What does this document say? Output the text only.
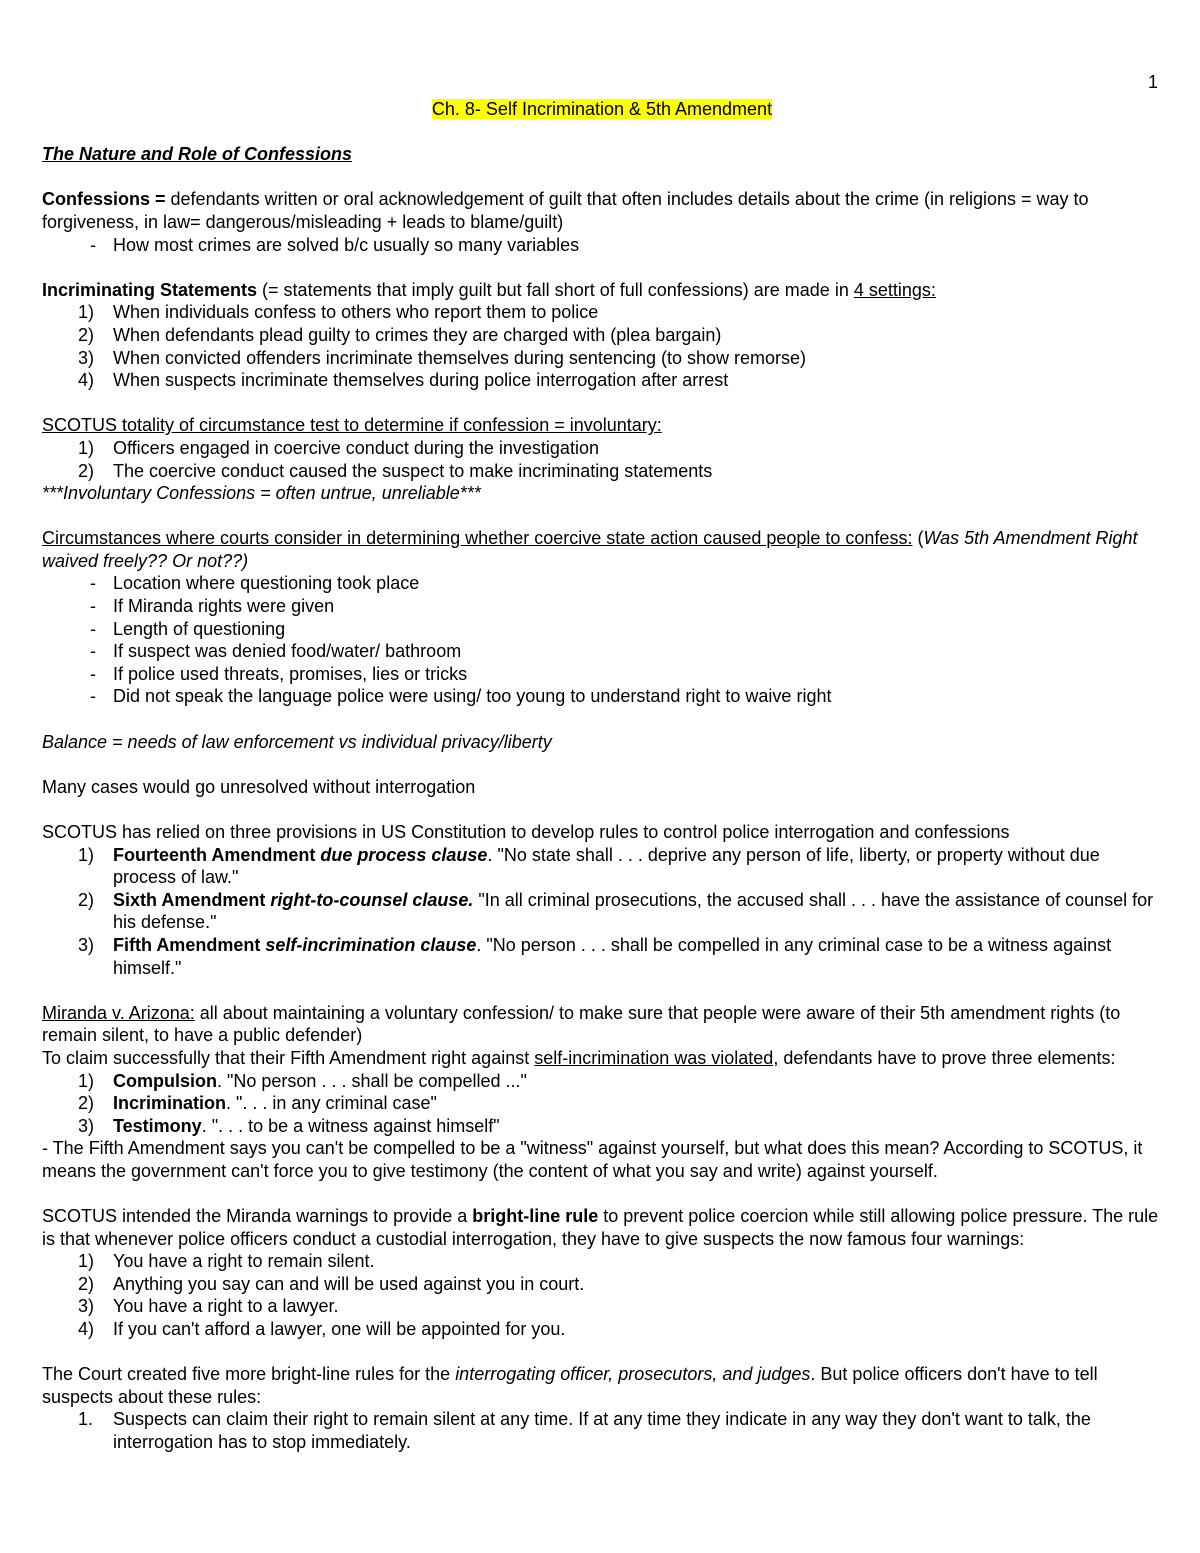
1

Ch. 8- Self Incrimination & 5th Amendment

The Nature and Role of Confessions

Confessions = defendants written or oral acknowledgement of guilt that often includes details about the crime (in religions = way to forgiveness, in law= dangerous/misleading + leads to blame/guilt)

- How most crimes are solved b/c usually so many variables

Incriminating Statements (= statements that imply guilt but fall short of full confessions) are made in 4 settings:

1) When individuals confess to others who report them to police
2) When defendants plead guilty to crimes they are charged with (plea bargain)
3) When convicted offenders incriminate themselves during sentencing (to show remorse)
4) When suspects incriminate themselves during police interrogation after arrest

SCOTUS totality of circumstance test to determine if confession = involuntary:

1) Officers engaged in coercive conduct during the investigation
2) The coercive conduct caused the suspect to make incriminating statements

***Involuntary Confessions = often untrue, unreliable***

Circumstances where courts consider in determining whether coercive state action caused people to confess: (Was 5th Amendment Right waived freely?? Or not??)

- Location where questioning took place
- If Miranda rights were given
- Length of questioning
- If suspect was denied food/water/ bathroom
- If police used threats, promises, lies or tricks
- Did not speak the language police were using/ too young to understand right to waive right

Balance = needs of law enforcement vs individual privacy/liberty

Many cases would go unresolved without interrogation

SCOTUS has relied on three provisions in US Constitution to develop rules to control police interrogation and confessions

1) Fourteenth Amendment due process clause. "No state shall . . . deprive any person of life, liberty, or property without due process of law."
2) Sixth Amendment right-to-counsel clause. "In all criminal prosecutions, the accused shall . . . have the assistance of counsel for his defense."
3) Fifth Amendment self-incrimination clause. "No person . . . shall be compelled in any criminal case to be a witness against himself."

Miranda v. Arizona: all about maintaining a voluntary confession/ to make sure that people were aware of their 5th amendment rights (to remain silent, to have a public defender)

To claim successfully that their Fifth Amendment right against self-incrimination was violated, defendants have to prove three elements:

1) Compulsion. "No person . . . shall be compelled ..."
2) Incrimination. ". . . in any criminal case"
3) Testimony. ". . . to be a witness against himself"

- The Fifth Amendment says you can't be compelled to be a "witness" against yourself, but what does this mean? According to SCOTUS, it means the government can't force you to give testimony (the content of what you say and write) against yourself.

SCOTUS intended the Miranda warnings to provide a bright-line rule to prevent police coercion while still allowing police pressure. The rule is that whenever police officers conduct a custodial interrogation, they have to give suspects the now famous four warnings:

1) You have a right to remain silent.
2) Anything you say can and will be used against you in court.
3) You have a right to a lawyer.
4) If you can't afford a lawyer, one will be appointed for you.

The Court created five more bright-line rules for the interrogating officer, prosecutors, and judges. But police officers don't have to tell suspects about these rules:

1. Suspects can claim their right to remain silent at any time. If at any time they indicate in any way they don't want to talk, the interrogation has to stop immediately.
